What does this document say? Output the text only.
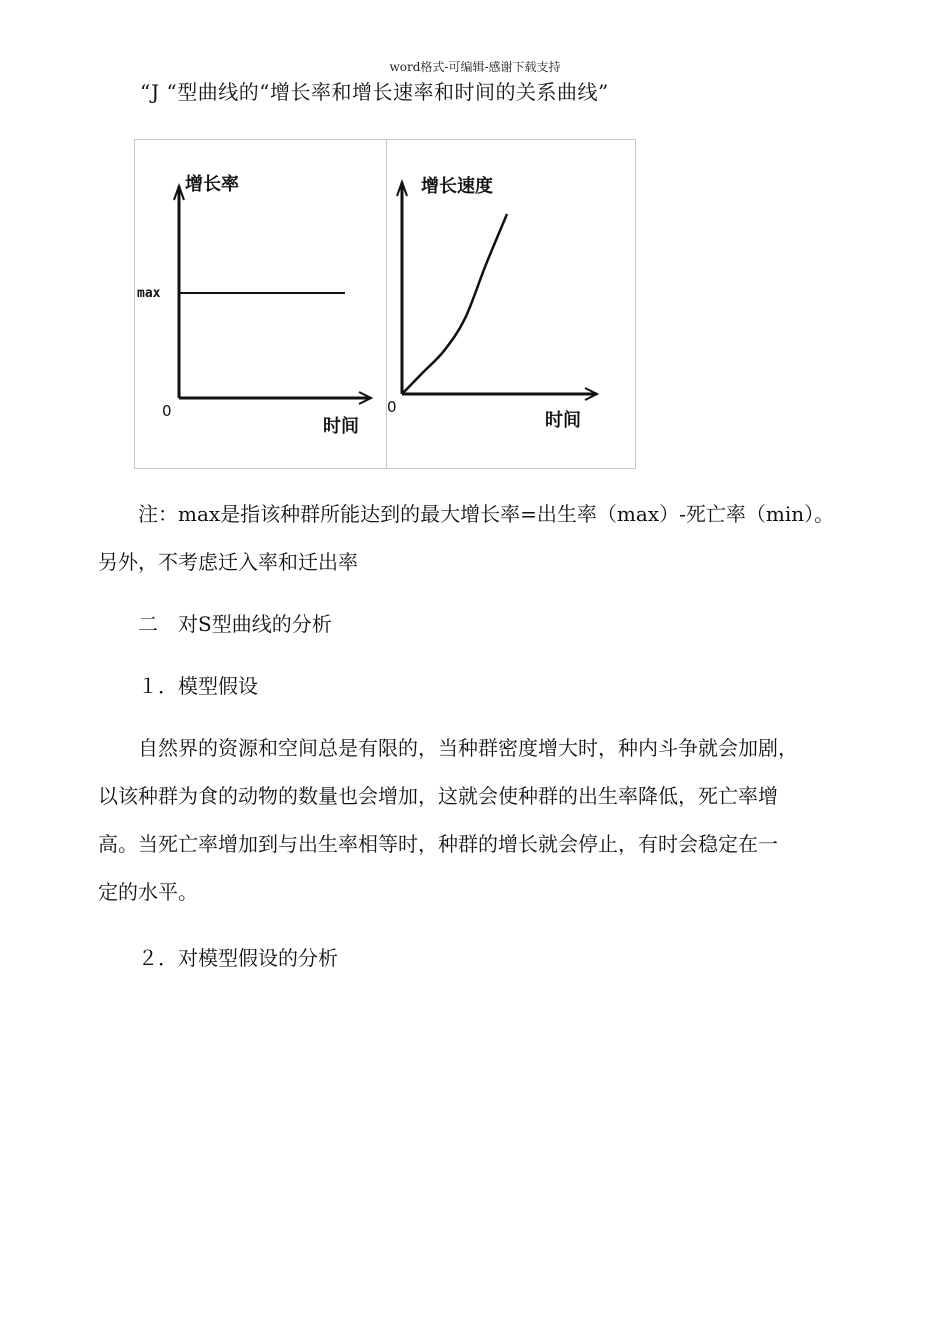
word格式-可编辑-感谢下载支持
“J “型曲线的“增长率和增长速率和时间的关系曲线”
增长率
时间
0
max
增长速度
时间
0
注：max是指该种群所能达到的最大增长率=出生率（max）-死亡率（min）。
另外，不考虑迁入率和迁出率
二　对S型曲线的分析
１．模型假设
自然界的资源和空间总是有限的，当种群密度增大时，种内斗争就会加剧，
以该种群为食的动物的数量也会增加，这就会使种群的出生率降低，死亡率增
高。当死亡率增加到与出生率相等时，种群的增长就会停止，有时会稳定在一
定的水平。
２．对模型假设的分析
